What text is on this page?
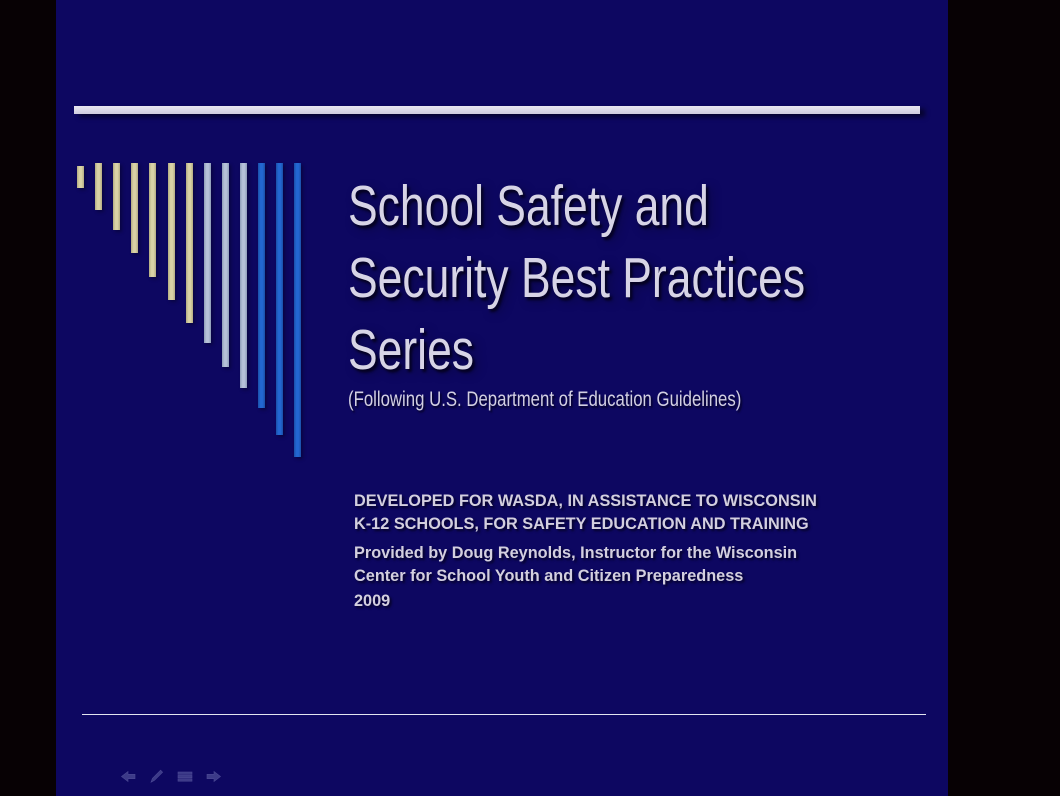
School Safety and
Security Best Practices
Series
(Following U.S. Department of Education Guidelines)
DEVELOPED FOR WASDA, IN ASSISTANCE TO WISCONSIN
K-12 SCHOOLS, FOR SAFETY EDUCATION AND TRAINING
Provided by Doug Reynolds, Instructor for the Wisconsin
Center for School Youth and Citizen Preparedness
2009
